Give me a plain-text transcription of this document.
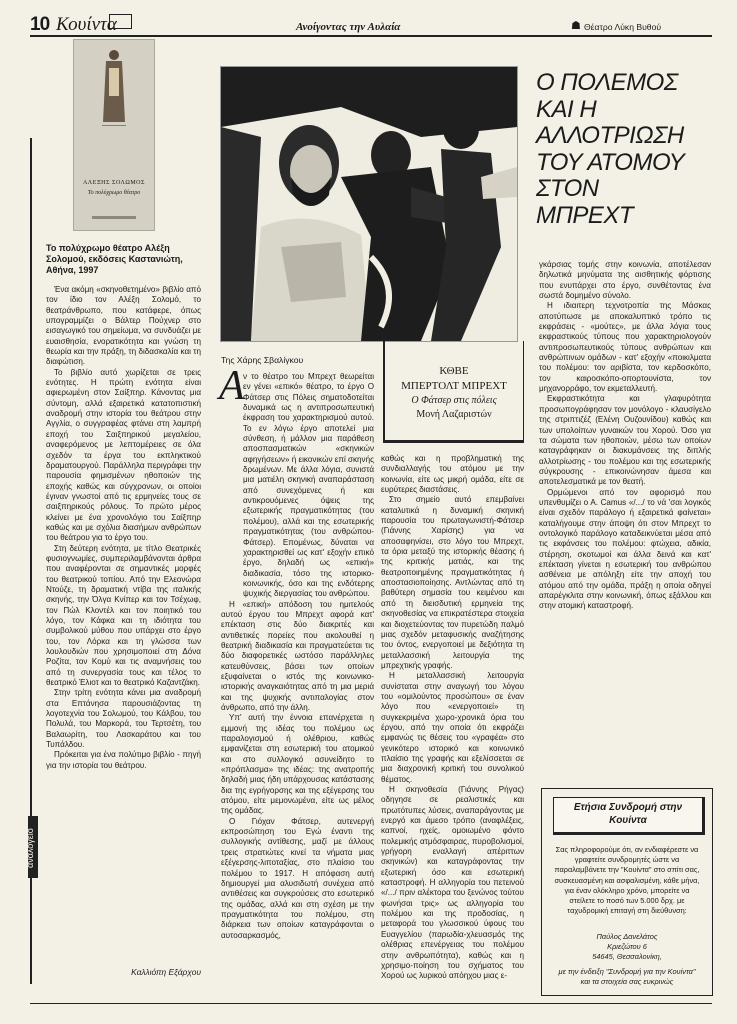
10 Κουίντα	Ανοίγοντας την Αυλαία	☗ Θέατρο Λύκη Βυθού
αναλογείο
ΑΛΕΞΗΣ ΣΟΛΩΜΟΣ
Το πολύχρωμο θέατρο
Το πολύχρωμο θέατρο Αλέξη Σολομού, εκδόσεις Καστανιώτη, Αθήνα, 1997

Ένα ακόμη «σκηνοθετημένο» βιβλίο από τον ίδιο τον Αλέξη Σολομό, το θεατράνθρωπο, που κατάφερε, όπως υπογραμμίζει ο Βάλτερ Πούχνερ στο εισαγωγικό του σημείωμα, να συνδυάζει με ευαισθησία, ενορατικότητα και γνώση τη θεωρία και την πράξη, τη διδασκαλία και τη διαφώτιση.

Το βιβλίο αυτό χωρίζεται σε τρεις ενότητες. Η πρώτη ενότητα είναι αφιερωμένη στον Σαίξπηρ. Κάνοντας μια σύντομη, αλλά εξαιρετικά κατατοπιστική αναδρομή στην ιστορία του θεάτρου στην Αγγλία, ο συγγραφέας φτάνει στη λαμπρή εποχή του Σαιξπηρικού μεγαλείου, αναφερόμενος με λεπτομέρειες σε όλα σχεδόν τα έργα του εκπληκτικού δραματουργού. Παράλληλα περιγράφει την παρουσία φημισμένων ηθοποιών της εποχής καθώς και σύγχρονων, οι οποίοι έγιναν γνωστοί από τις ερμηνείες τους σε σαιξπηρικούς ρόλους. Το πρώτο μέρος κλείνει με ένα χρονολόγιο του Σαίξπηρ καθώς και με σχόλια διασήμων ανθρώπων του θεάτρου για το έργο του.

Στη δεύτερη ενότητα, με τίτλο Θεατρικές φυσιογνωμίες, συμπεριλαμβάνονται άρθρα που αναφέρονται σε σημαντικές μορφές του θεατρικού τοπίου. Από την Ελεονώρα Ντούζε, τη δραματική ντίβα της ιταλικής σκηνής, την Όλγα Κνίπερ και τον Τσέχωφ, τον Πώλ Κλοντέλ και τον ποιητικό του λόγο, τον Κάφκα και τη ιδιότητα του συμβολικού μύθου που υπάρχει στο έργο του, τον Λόρκα και τη γλώσσα των λουλουδιών που χρησιμοποιεί στη Δόνα Ροζίτα, τον Κομύ και τις αναμνήσεις του από τη συνεργασία τους και τέλος το θεατρικό Έλιοτ και το θεατρικό Καζαντζάκη.

Στην τρίτη ενότητα κάνει μια αναδρομή στα Επτάνησα παρουσιάζοντας τη λογοτεχνία του Σολωμού, του Κάλβου, του Πολυλά, του Μαρκορά, του Τερτσέτη, του Βαλαωρίτη, του Λασκαράτου και του Τυπάλδου.

Πρόκειται για ένα πολύτιμο βιβλίο - πηγή για την ιστορία του θεάτρου.

Καλλιόπη Εξάρχου
Ο ΠΟΛΕΜΟΣ
ΚΑΙ Η
ΑΛΛΟΤΡΙΩΣΗ
ΤΟΥ ΑΤΟΜΟΥ
ΣΤΟΝ
ΜΠΡΕΧΤ
Της Χάρης Σβαλίγκου
Α

ν το θέατρο του Μπρεχτ θεωρείται εν γένει «επικό» θέατρο, το έργο Ο Φάτσερ στις Πόλεις σηματοδοτείται δυναμικά ως η αντιπροσωπευτική έκφραση του χαρακτηρισμού αυτού. Το εν λόγω έργο αποτελεί μια σύνθεση, ή μάλλον μια παράθεση αποσπασματικών «σκηνικών αφηγήσεων» ή εικονικών επί σκηνής δρωμένων. Με άλλα λόγια, συνιστά μια ματιέλη σκηνική αναπαράσταση από συνεχόμενες ή και αντικρουόμενες όψεις της εξωτερικής πραγματικότητας (του πολέμου), αλλά και της εσωτερικής πραγματικότητας (του ανθρώπου-Φάτσερ). Επομένως, δύναται να χαρακτηρισθεί ως κατ' εξοχήν επικό έργο, δηλαδή ως «επική» διαδικασία, τόσο της ιστορικο-κοινωνικής, όσο και της ενδότερης ψυχικής διεργασίας του ανθρώπου.

Η «επική» απόδοση του ημιτελούς αυτού έργου του Μπρεχτ αφορά κατ' επέκταση στις δύο διακριτές και αντιθετικές πορείες που ακολουθεί η θεατρική διαδικασία και πραγματεύεται τις δύο διαφορετικές ωστόσο παράλληλες κατευθύνσεις, βάσει των οποίων εξυφαίνεται ο ιστός της κοινωνικο-ιστορικής αναγκαιότητας από τη μια μεριά και της ψυχικής αντιπαλογίας στον άνθρωπο, από την άλλη.

Υπ' αυτή την έννοια επανέρχεται η εμμονή της ιδέας του πολέμου ως παραλογισμού ή ολέθριου, καθώς εμφανίζεται στη εσωτερική του ατομικού και στο συλλογικό ασυνείδητο το «πρόπλασμα» της ιδέας: της ανατροπής δηλαδή μιας ήδη υπάρχουσας κατάστασης δια της εγρήγορσης και της εξέγερσης του ατόμου, είτε μεμονωμένα, είτε ως μέλος της ομάδας.

Ο Γιόχαν Φάτσερ, αυτενεργή εκπροσώπηση του Εγώ έναντι της συλλογικής αντίθεσης, μαζί με άλλους τρεις στρατιώτες κινεί τα νήματα μιας εξέγερσης-λιποταξίας, στο πλαίσιο του πολέμου το 1917. Η απόφαση αυτή δημιουργεί μια αλυσιδωτή συνέχεια από αντιθέσεις και συγκρούσεις στο εσωτερικό της ομάδας, αλλά και στη σχέση με την πραγματικότητα του πολέμου, στη διάρκεια των οποίων καταγράφονται ο αυτοσαρκασμός,

ΚΘΒΕ
ΜΠΕΡΤΟΛΤ ΜΠΡΕΧΤ
Ο Φάτσερ στις πόλεις
Μονή Λαζαριστών

καθώς και η προβληματική της συνδιαλλαγής του ατόμου με την κοινωνία, είτε ως μικρή ομάδα, είτε σε ευρύτερες διαστάσεις.

Στο σημείο αυτό επεμβαίνει καταλυτικά η δυναμική σκηνική παρουσία του πρωταγωνιστή-Φάτσερ (Γιάννης Χαρίσης) για να αποσαφηνίσει, στο λόγο του Μπρεχτ, τα όρια μεταξύ της ιστορικής θέασης ή της κριτικής ματιάς, και της θεατροποιημένης πραγματικότητας ή αποστασιοποίησης. Αντλώντας από τη βαθύτερη σημασία του κειμένου και από τη διεισδυτική ερμηνεία της σκηνοθεσίας να επικρατέστερα στοιχεία και διοχετεύοντας τον πυρετώδη παλμό μιας σχεδόν μεταφυσικής αναζήτησης του όντος, ενεργοποιεί με δεξιότητα τη μεταλλασσική λειτουργία της μπρεχτικής γραφής.

Η μεταλλασσική λειτουργία συνίσταται στην αναγωγή του λόγου του «ομιλούντος προσώπου» σε έναν λόγο που «ενεργοποιεί» τη συγκεκριμένα χωρο-χρονικά όρια του έργου, από την οποία ότι εκφράζει εμφανώς τις θέσεις του «γραφέα» στο γενικότερο ιστορικό και κοινωνικό πλαίσιο της γραφής και εξελίσσεται σε μια διαχρονική κριτική του συνολικού θέματος.

Η σκηνοθεσία (Γιάννης Ρήγας) οδηγησε σε ρεαλιστικές και πρωτότυπες λύσεις, αναπαράγοντας με ενεργό και άμεσο τρόπο (αναφλέξεις, καπνοί, ηχείς, ομοιωμένο φόντο πολεμικής ατμόσφαιρας, πυροβολισμοί, γρήγορη εναλλαγή απέριττων σκηνικών) και καταγράφοντας την εξωτερική όσο και εσωτερική καταστροφή. Η αλληγορία του πετεινού «/.../ πριν αλέκτορα του ξενώνος τούτου φωνήσαι τρις» ως αλληγορία του πολέμου και της προδοσίας, η μεταφορά του γλωσσικού ύφους του Ευαγγελίου (παρωδία-χλευασμός της ολέθριας επενέργειας του πολέμου στην ανθρωπότητα), καθώς και η χρησιμο-ποίηση του σχήματος του Χορού ως λυρικού απόηχου μιας ε-

γκάρσιας τομής στην κοινωνία, αποτέλεσαν δηλωτικά μηνύματα της αισθητικής φόρτισης που ενυπάρχει στο έργο, συνθέτοντας ένα σωστά δομημένο σύνολο.

Η ιδιαιτερη τεχνοτροπία της Μάσκας αποτύπωσε με αποκαλυπτικό τρόπο τις εκφράσεις - «μούτες», με άλλα λόγια τους εκφραστικούς τύπους που χαρακτηριολογούν αντιπροσωπευτικούς τύπους ανθρώπων και ανθρώπινων ομάδων - κατ' εξοχήν «ποικιλματα του πολέμου: τον αριβίστα, τον κερδοσκόπο, τον καιροσκόπο-οπορτουνίστα, τον μηχανορράφο, τον εκμεταλλευτή.

Εκφραστικότητα και γλαφυρότητα προσωπογράφησαν τον μονόλογο - κλαυσίγελο της στριπτιζέζ (Ελένη Ουζουνίδου) καθώς και των υπολοίπων γυναικών του Χορού. Όσο για τα σώματα των ηθοποιών, μέσω των οποίων καταγράφηκαν οι διακυμάνσεις της διπλής αλλοτρίωσης - του πολέμου και της εσωτερικής σύγκρουσης - επικοινώνησαν άμεσα και αποτελεσματικά με τον θεατή.

Ορμώμενοι από τον αφορισμό που υπενθυμίζει ο Α. Camus «/.../ το νά 'σαι λογικός είναι σχεδόν παράλογο ή εξαιρετικά φαίνεται» καταλήγουμε στην άποψη ότι στον Μπρεχτ το οντολογικό παράλογο καταδεικνύεται μέσα από τις εκφάνσεις του πολέμου: φτώχεια, αδικία, στέρηση, σκοτωμοί και άλλα δεινά και κατ' επέκταση γίνεται η εσωτερική του ανθρώπου ασθένεια με απόληξη είτε την αποχή του ατόμου από την ομάδα, πράξη η οποία οδηγεί απαρέγκλιτα στην κοινωνική, όπως εξάλλου και στην ατομική καταστροφή.

Ετήσια Συνδρομή στην Κουίντα
Σας πληροφορούμε ότι, αν ενδιαφέρεστε να γραφτείτε συνδρομητές ώστε να παραλαμβάνετε την "Κουίντα" στο σπίτι σας, συσκευασμένη και ασφαλισμένη, κάθε μήνα, για έναν ολόκληρο χρόνο, μπορείτε να στείλετε το ποσό των 5.000 δρχ. με ταχυδρομική επιταγή στη διεύθυνση:
Παύλος Δανελάτος
Κριεζώτου 6
54645, Θεσσαλονίκη,
με την ένδειξη "Συνδρομή για την Κουίντα" και τα στοιχεία σας ευκρινώς
